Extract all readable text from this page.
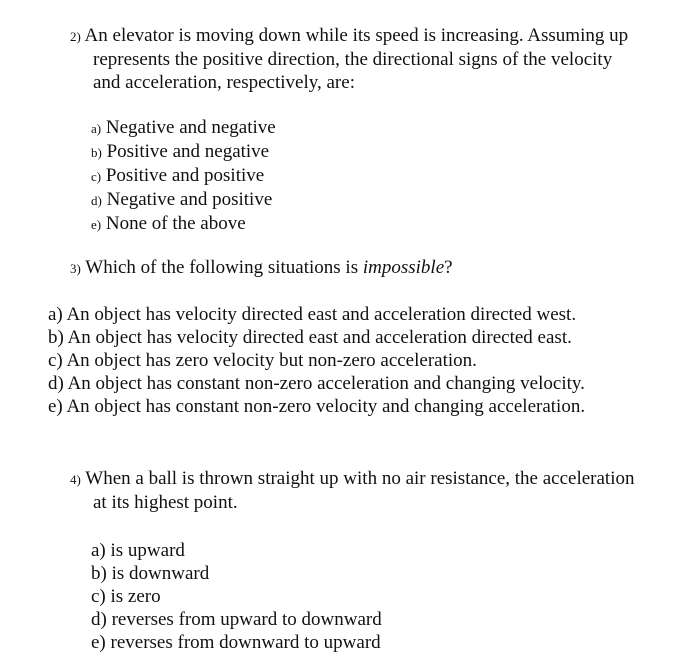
2) An elevator is moving down while its speed is increasing. Assuming up
represents the positive direction, the directional signs of the velocity
and acceleration, respectively, are:
a) Negative and negative
b) Positive and negative
c) Positive and positive
d) Negative and positive
e) None of the above
3) Which of the following situations is impossible?
a) An object has velocity directed east and acceleration directed west.
b) An object has velocity directed east and acceleration directed east.
c) An object has zero velocity but non-zero acceleration.
d) An object has constant non-zero acceleration and changing velocity.
e) An object has constant non-zero velocity and changing acceleration.
4) When a ball is thrown straight up with no air resistance, the acceleration
at its highest point.
a) is upward
b) is downward
c) is zero
d) reverses from upward to downward
e) reverses from downward to upward
